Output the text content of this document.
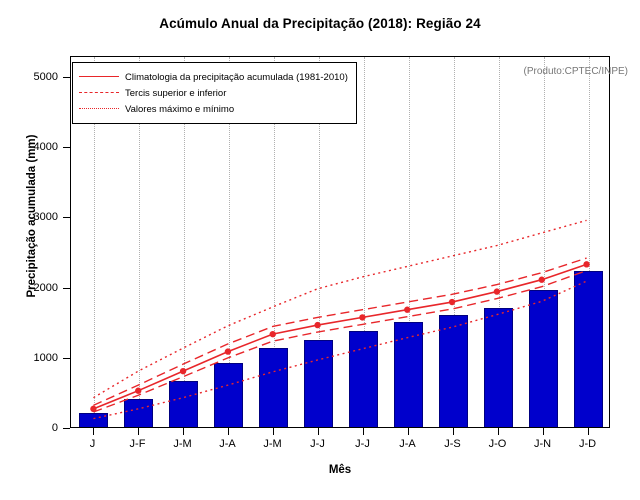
Acúmulo Anual da Precipitação (2018): Região 24
0
1000
2000
3000
4000
5000
J	J-F	J-M	J-A	J-M	J-J	J-J	J-A	J-S	J-O	J-N	J-D
Precipitação acumulada (mm)
Mês
Climatologia da precipitação acumulada (1981-2010)
Tercis superior e inferior
Valores máximo e mínimo
(Produto:CPTEC/INPE)
